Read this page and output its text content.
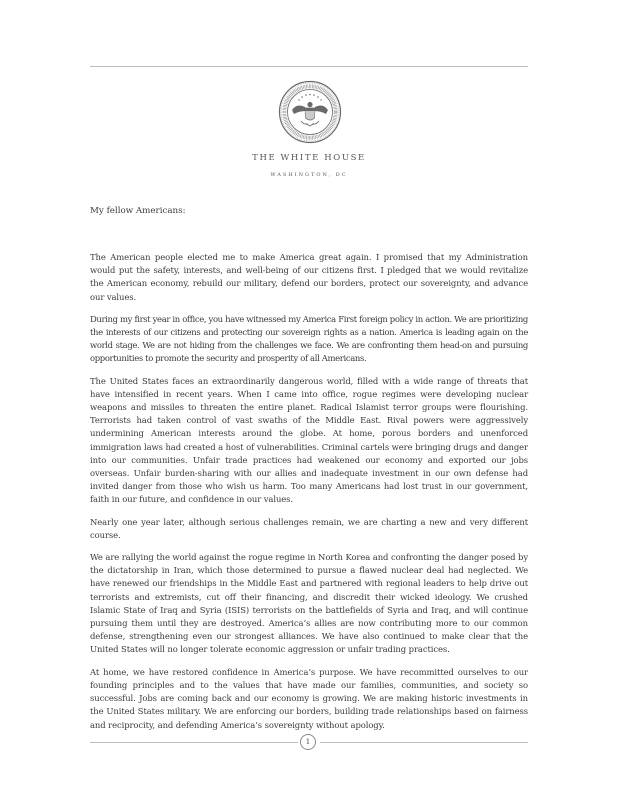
THE WHITE HOUSE
WASHINGTON, DC

My fellow Americans:

The American people elected me to make America great again. I promised that my Administration would put the safety, interests, and well-being of our citizens first. I pledged that we would revitalize the American economy, rebuild our military, defend our borders, protect our sovereignty, and advance our values.

During my first year in office, you have witnessed my America First foreign policy in action. We are prioritizing the interests of our citizens and protecting our sovereign rights as a nation. America is leading again on the world stage. We are not hiding from the challenges we face. We are confronting them head-on and pursuing opportunities to promote the security and prosperity of all Americans.

The United States faces an extraordinarily dangerous world, filled with a wide range of threats that have intensified in recent years. When I came into office, rogue regimes were developing nuclear weapons and missiles to threaten the entire planet. Radical Islamist terror groups were flourishing. Terrorists had taken control of vast swaths of the Middle East. Rival powers were aggressively undermining American interests around the globe. At home, porous borders and unenforced immigration laws had created a host of vulnerabilities. Criminal cartels were bringing drugs and danger into our communities. Unfair trade practices had weakened our economy and exported our jobs overseas. Unfair burden-sharing with our allies and inadequate investment in our own defense had invited danger from those who wish us harm. Too many Americans had lost trust in our government, faith in our future, and confidence in our values.

Nearly one year later, although serious challenges remain, we are charting a new and very different course.

We are rallying the world against the rogue regime in North Korea and confronting the danger posed by the dictatorship in Iran, which those determined to pursue a flawed nuclear deal had neglected. We have renewed our friendships in the Middle East and partnered with regional leaders to help drive out terrorists and extremists, cut off their financing, and discredit their wicked ideology. We crushed Islamic State of Iraq and Syria (ISIS) terrorists on the battlefields of Syria and Iraq, and will continue pursuing them until they are destroyed. America’s allies are now contributing more to our common defense, strengthening even our strongest alliances. We have also continued to make clear that the United States will no longer tolerate economic aggression or unfair trading practices.

At home, we have restored confidence in America’s purpose. We have recommitted ourselves to our founding principles and to the values that have made our families, communities, and society so successful. Jobs are coming back and our economy is growing. We are making historic investments in the United States military. We are enforcing our borders, building trade relationships based on fairness and reciprocity, and defending America’s sovereignty without apology.

1
